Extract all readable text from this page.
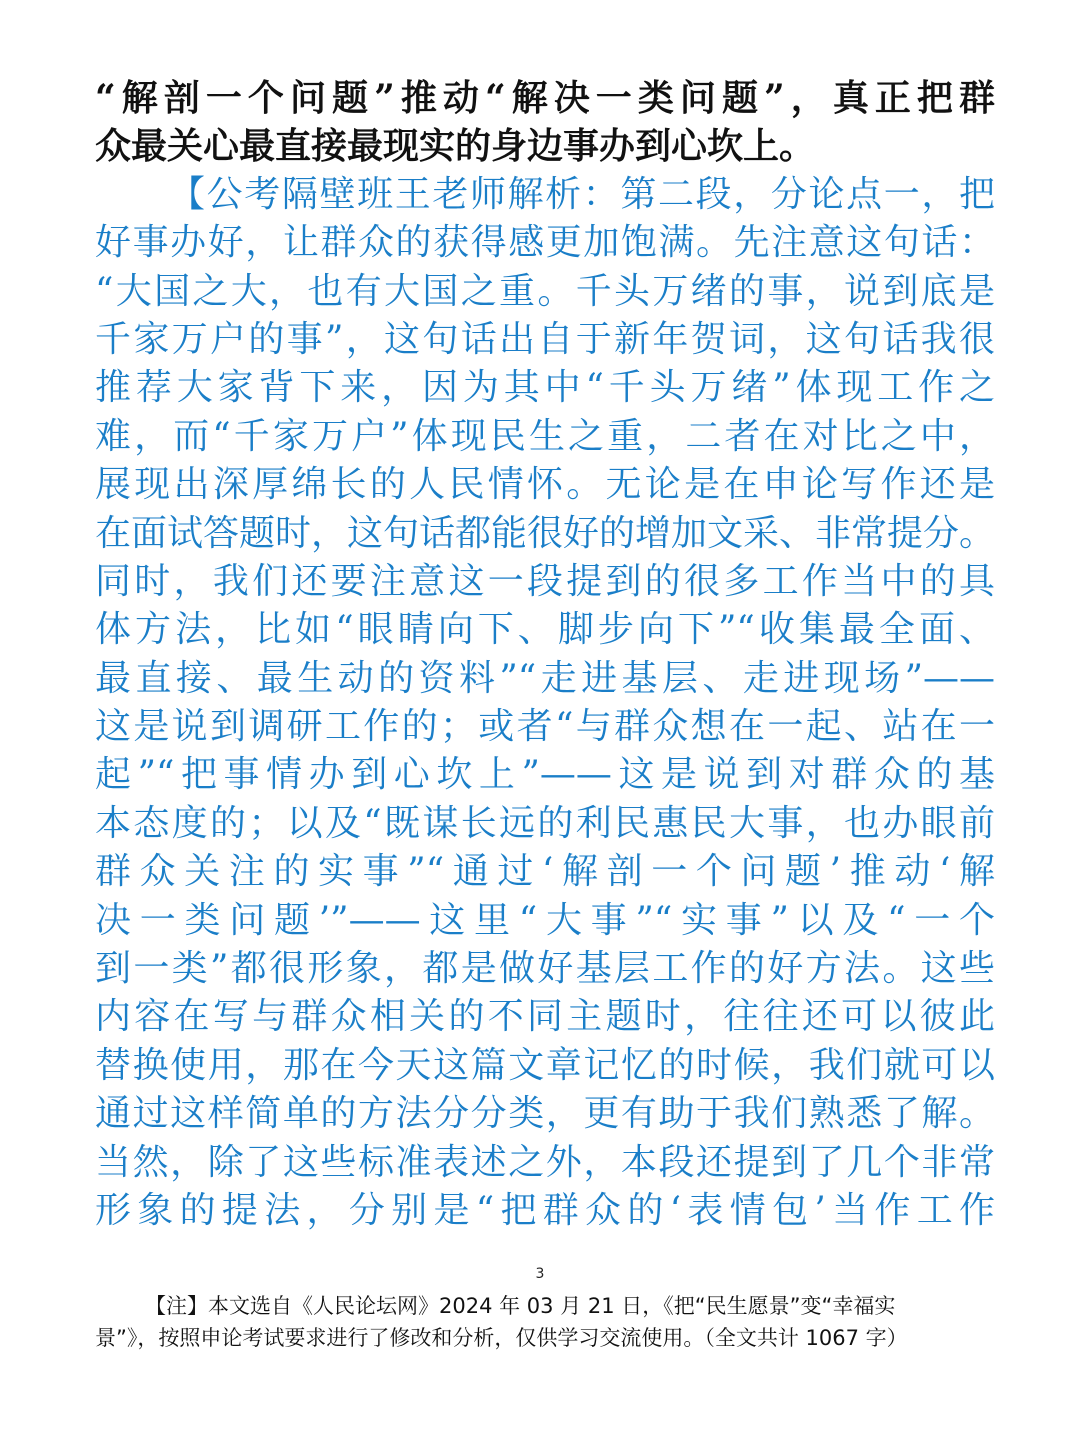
“解剖一个问题”推动“解决一类问题”，真正把群
众最关心最直接最现实的身边事办到心坎上。
【公考隔壁班王老师解析：第二段，分论点一，把
好事办好，让群众的获得感更加饱满。先注意这句话：
“大国之大，也有大国之重。千头万绪的事，说到底是
千家万户的事”，这句话出自于新年贺词，这句话我很
推荐大家背下来，因为其中“千头万绪”体现工作之
难，而“千家万户”体现民生之重，二者在对比之中，
展现出深厚绵长的人民情怀。无论是在申论写作还是
在面试答题时，这句话都能很好的增加文采、非常提分。
同时，我们还要注意这一段提到的很多工作当中的具
体方法，比如“眼睛向下、脚步向下”“收集最全面、
最直接、最生动的资料”“走进基层、走进现场”——
这是说到调研工作的；或者“与群众想在一起、站在一
起”“把事情办到心坎上”——这是说到对群众的基
本态度的；以及“既谋长远的利民惠民大事，也办眼前
群众关注的实事”“通过‘解剖一个问题’推动‘解
决一类问题’”——这里“大事”“实事”以及“一个
到一类”都很形象，都是做好基层工作的好方法。这些
内容在写与群众相关的不同主题时，往往还可以彼此
替换使用，那在今天这篇文章记忆的时候，我们就可以
通过这样简单的方法分分类，更有助于我们熟悉了解。
当然，除了这些标准表述之外，本段还提到了几个非常
形象的提法，分别是“把群众的‘表情包’当作工作
3
【注】本文选自《人民论坛网》2024 年 03 月 21 日，《把“民生愿景”变“幸福实
景”》，按照申论考试要求进行了修改和分析，仅供学习交流使用。（全文共计 1067 字）
